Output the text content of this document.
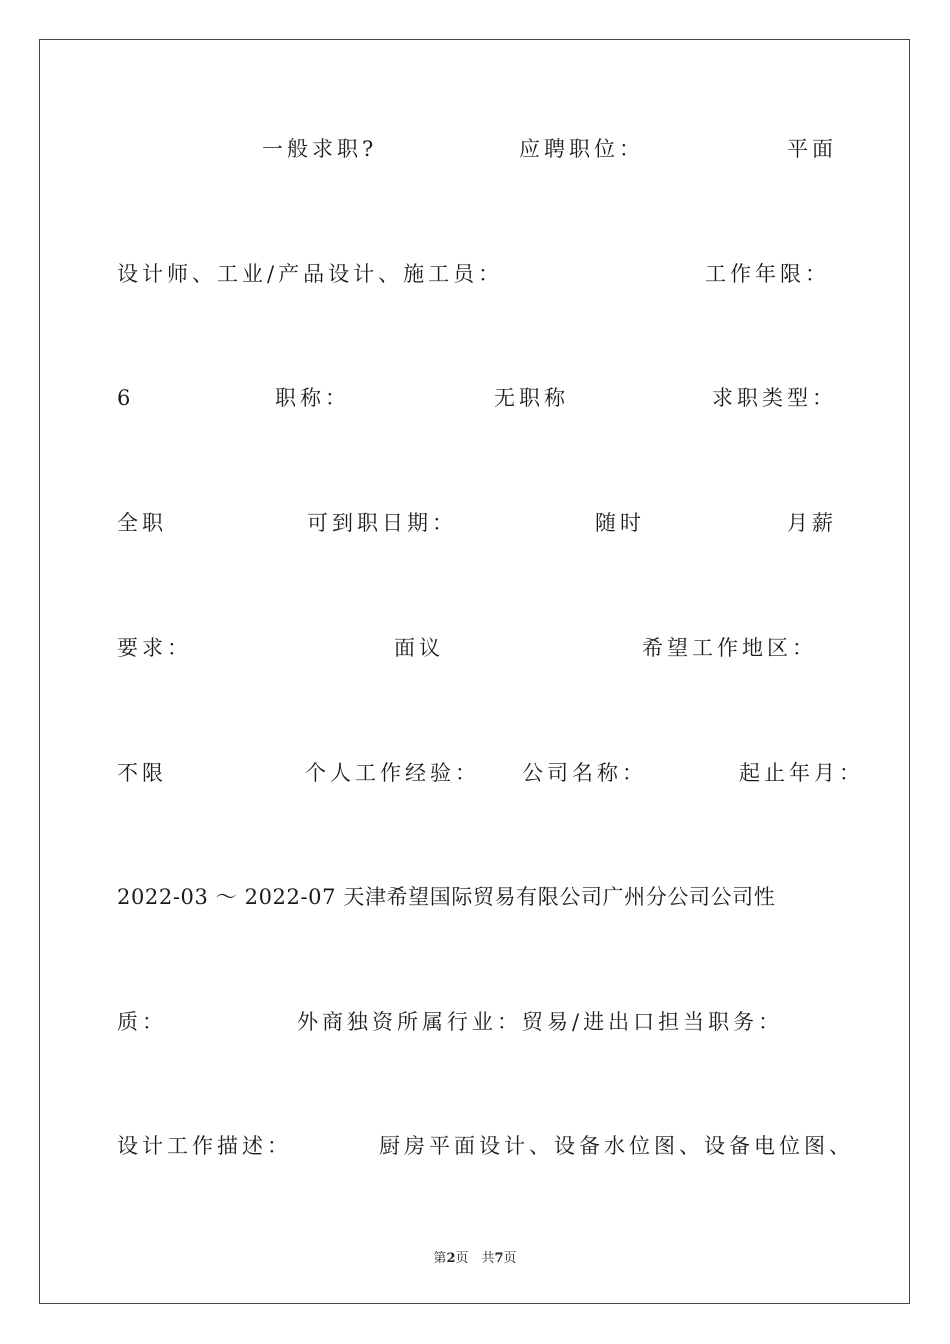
一般求职?	应聘职位：	平面
设计师、工业/产品设计、施工员：	工作年限：
6	职称：	无职称	求职类型：
全职	可到职日期：	随时	月薪
要求：	面议	希望工作地区：
不限	个人工作经验： 公司名称：	起止年月：
2022-03 ～ 2022-07 天津希望国际贸易有限公司广州分公司公司性
质：	外商独资所属行业：贸易/进出口担当职务：
设计工作描述：	厨房平面设计、设备水位图、设备电位图、
第2页　共7页
